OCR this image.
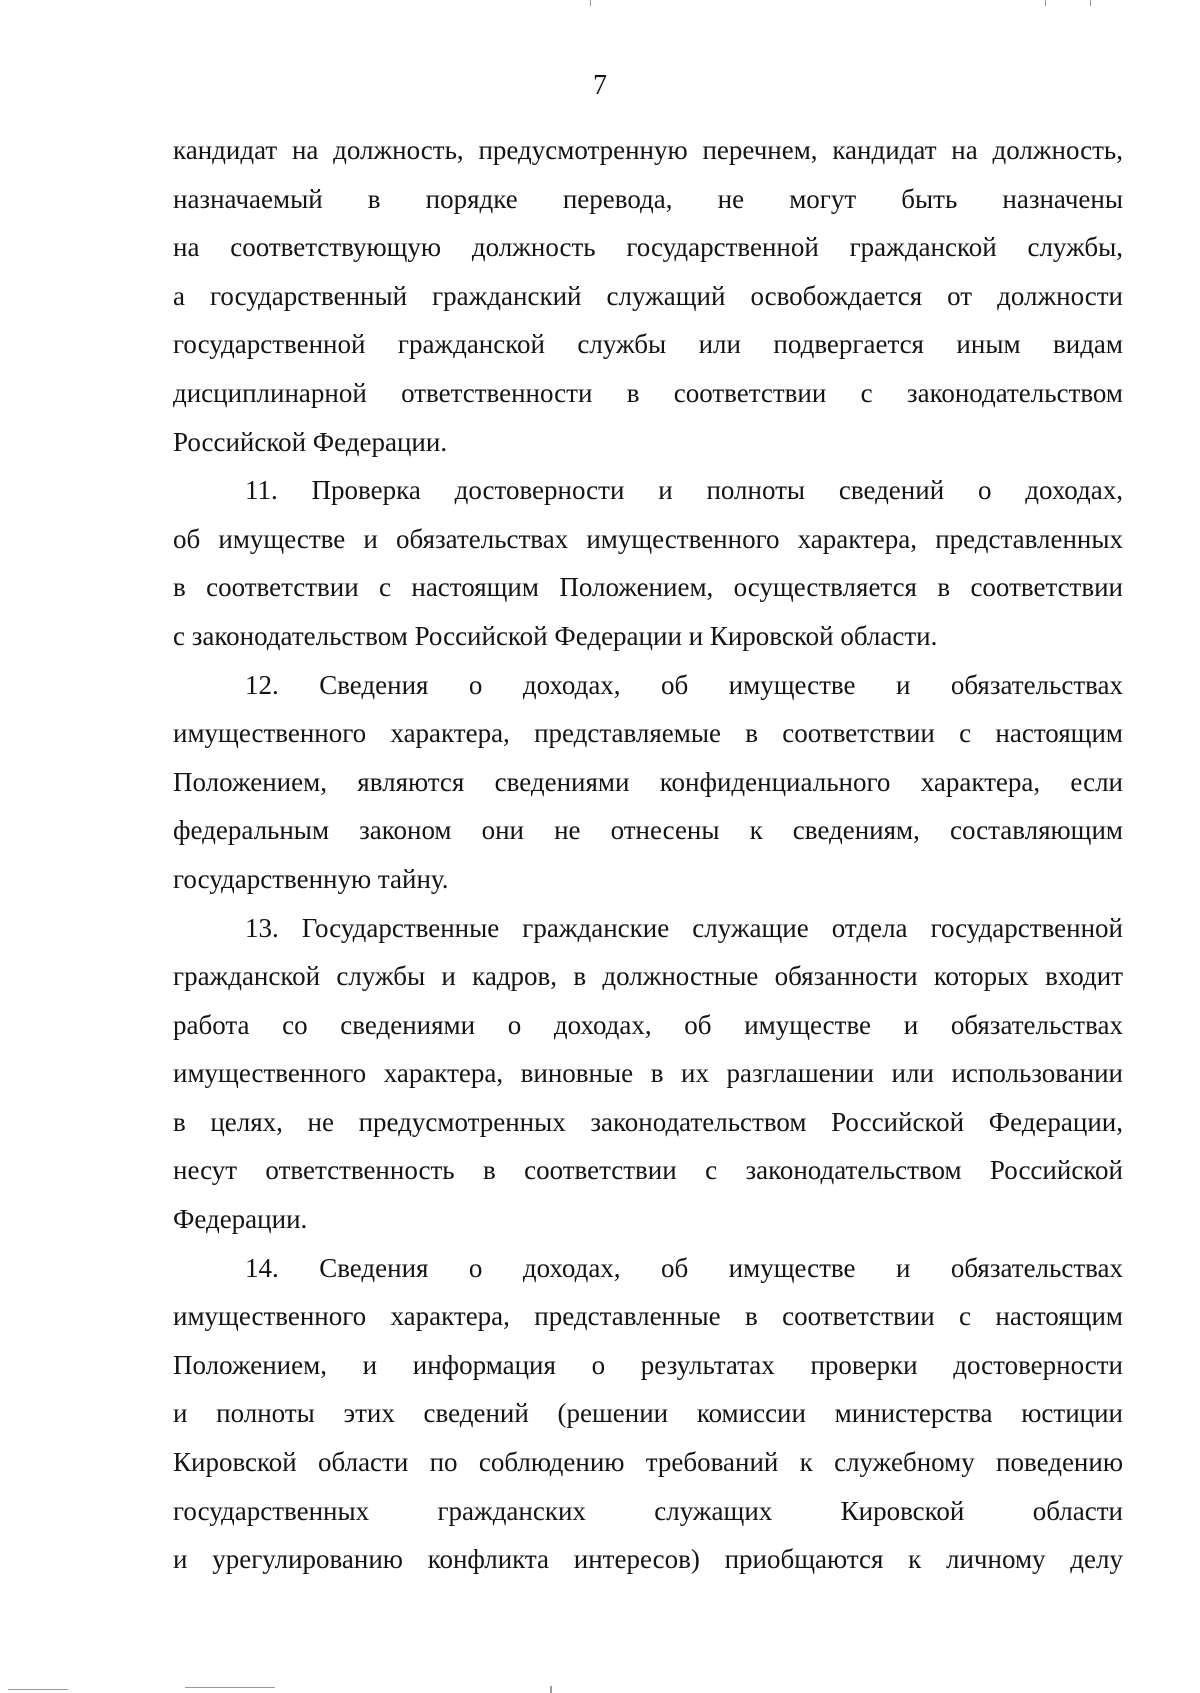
7

кандидат на должность, предусмотренную перечнем, кандидат на должность,
назначаемый в порядке перевода, не могут быть назначены
на соответствующую должность государственной гражданской службы,
а государственный гражданский служащий освобождается от должности
государственной гражданской службы или подвергается иным видам
дисциплинарной ответственности в соответствии с законодательством
Российской Федерации.

11. Проверка достоверности и полноты сведений о доходах,
об имуществе и обязательствах имущественного характера, представленных
в соответствии с настоящим Положением, осуществляется в соответствии
с законодательством Российской Федерации и Кировской области.

12. Сведения о доходах, об имуществе и обязательствах
имущественного характера, представляемые в соответствии с настоящим
Положением, являются сведениями конфиденциального характера, если
федеральным законом они не отнесены к сведениям, составляющим
государственную тайну.

13. Государственные гражданские служащие отдела государственной
гражданской службы и кадров, в должностные обязанности которых входит
работа со сведениями о доходах, об имуществе и обязательствах
имущественного характера, виновные в их разглашении или использовании
в целях, не предусмотренных законодательством Российской Федерации,
несут ответственность в соответствии с законодательством Российской
Федерации.

14. Сведения о доходах, об имуществе и обязательствах
имущественного характера, представленные в соответствии с настоящим
Положением, и информация о результатах проверки достоверности
и полноты этих сведений (решении комиссии министерства юстиции
Кировской области по соблюдению требований к служебному поведению
государственных гражданских служащих Кировской области
и урегулированию конфликта интересов) приобщаются к личному делу
